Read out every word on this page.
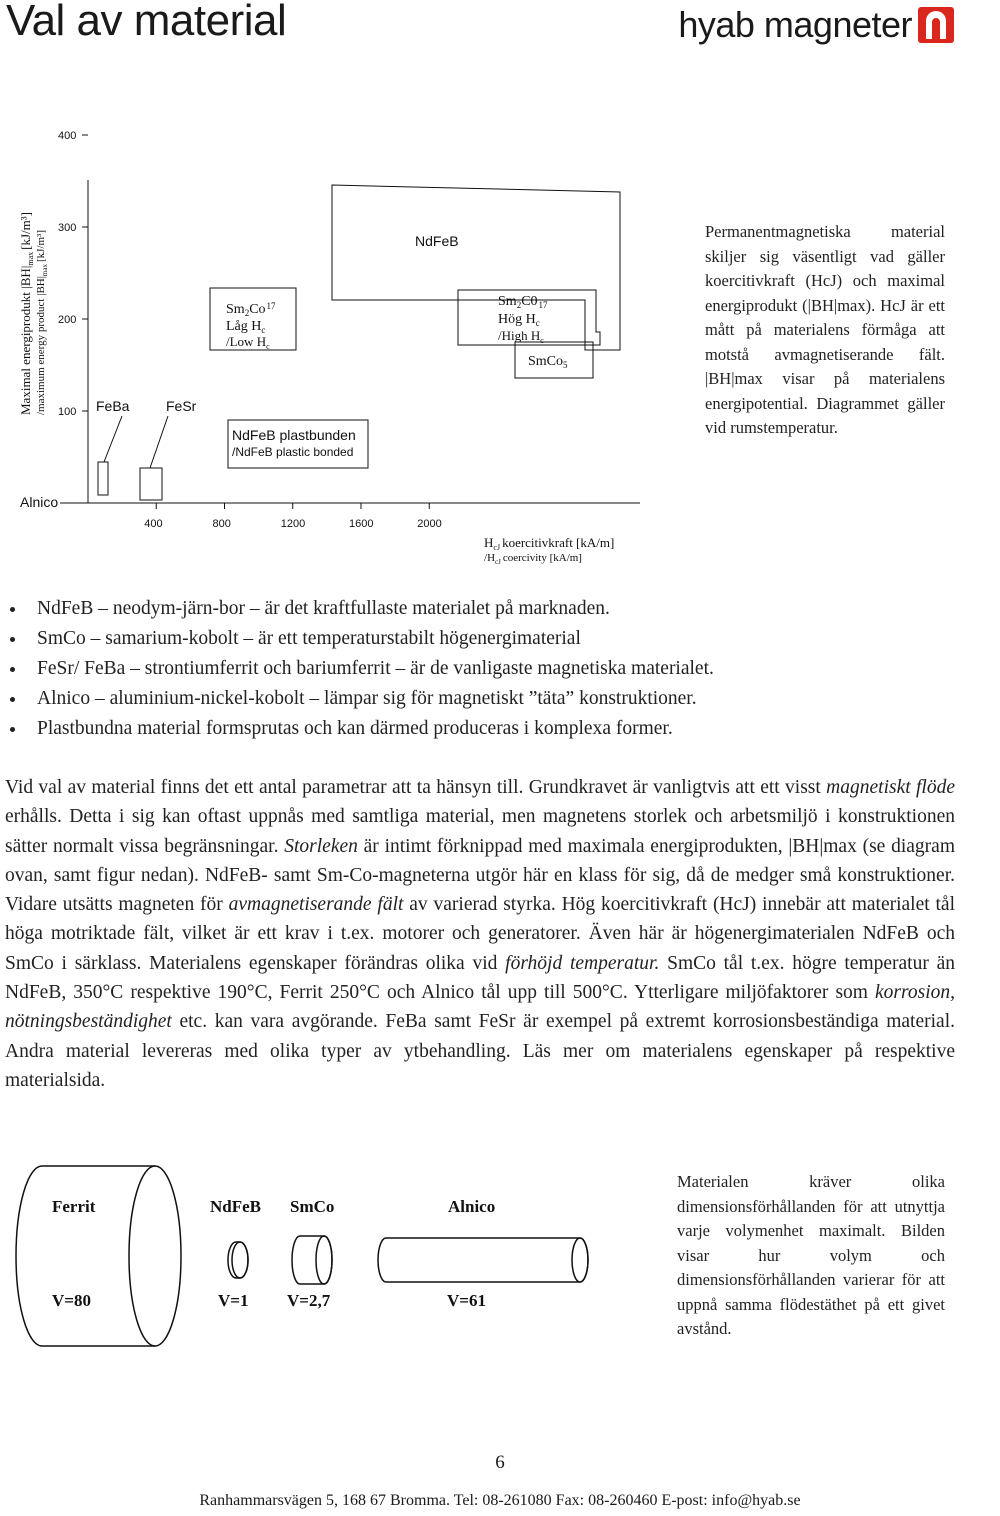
Val av material	hyab magneter
Maximal energiprodukt $|BH|_{max}[kJ/m^3]$
/maximum energy product $|BH|_{max}[kJ/m^3]$
100
200
300
400
400	800	1200	1600	2000
Alnico
FeBa	FeSr
NdFeB plastbunden
/NdFeB plastic bonded
NdFeB
$Sm_2Co^{17}$
Låg $H_c$
/Low $H_c$
$Sm_2C0_{17}$
Hög $H_c$
/High $H_c$
SmCo$_5$
$H_{cJ}$ koercitivkraft [kA/m]
$/H_{cJ}$ coercivity [kA/m]
Permanentmagnetiska material skiljer sig väsentligt vad gäller koercitivkraft (HcJ) och maximal energiprodukt (|BH|max). HcJ är ett mått på materialens förmåga att motstå avmagnetiserande fält. |BH|max visar på materialens energipotential. Diagrammet gäller vid rumstemperatur.
NdFeB – neodym-järn-bor – är det kraftfullaste materialet på marknaden.
SmCo – samarium-kobolt – är ett temperaturstabilt högenergimaterial
FeSr/ FeBa – strontiumferrit och bariumferrit – är de vanligaste magnetiska materialet.
Alnico – aluminium-nickel-kobolt – lämpar sig för magnetiskt ”täta” konstruktioner.
Plastbundna material formsprutas och kan därmed produceras i komplexa former.

Vid val av material finns det ett antal parametrar att ta hänsyn till. Grundkravet är vanligtvis att ett visst magnetiskt flöde erhålls. Detta i sig kan oftast uppnås med samtliga material, men magnetens storlek och arbetsmiljö i konstruktionen sätter normalt vissa begränsningar. Storleken är intimt förknippad med maximala energiprodukten, |BH|max (se diagram ovan, samt figur nedan). NdFeB- samt Sm-Co-magneterna utgör här en klass för sig, då de medger små konstruktioner. Vidare utsätts magneten för avmagnetiserande fält av varierad styrka. Hög koercitivkraft (HcJ) innebär att materialet tål höga motriktade fält, vilket är ett krav i t.ex. motorer och generatorer. Även här är högenergimaterialen NdFeB och SmCo i särklass. Materialens egenskaper förändras olika vid förhöjd temperatur. SmCo tål t.ex. högre temperatur än NdFeB, 350°C respektive 190°C, Ferrit 250°C och Alnico tål upp till 500°C. Ytterligare miljöfaktorer som korrosion, nötningsbeständighet etc. kan vara avgörande. FeBa samt FeSr är exempel på extremt korrosionsbeständiga material. Andra material levereras med olika typer av ytbehandling. Läs mer om materialens egenskaper på respektive materialsida.

Ferrit
V=80
NdFeB
V=1
SmCo
V=2,7
Alnico
V=61
Materialen kräver olika dimensionsförhållanden för att utnyttja varje volymenhet maximalt. Bilden visar hur volym och dimensionsförhållanden varierar för att uppnå samma flödestäthet på ett givet avstånd.
6
Ranhammarsvägen 5, 168 67 Bromma. Tel: 08-261080 Fax: 08-260460 E-post: info@hyab.se
